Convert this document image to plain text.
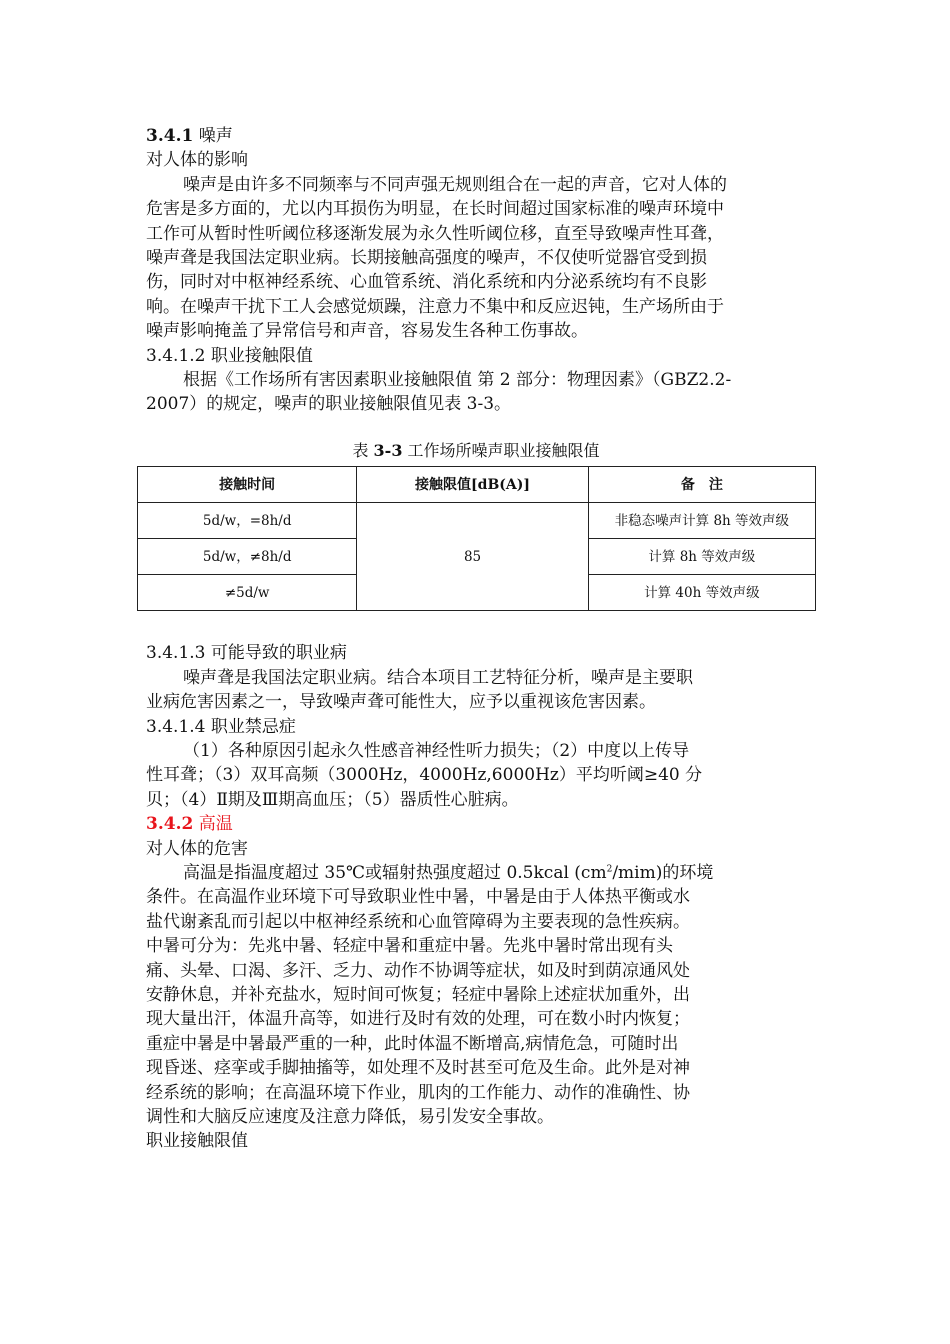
3.4.1 噪声
对人体的影响
噪声是由许多不同频率与不同声强无规则组合在一起的声音，它对人体的
危害是多方面的，尤以内耳损伤为明显，在长时间超过国家标准的噪声环境中
工作可从暂时性听阈位移逐渐发展为永久性听阈位移，直至导致噪声性耳聋，
噪声聋是我国法定职业病。长期接触高强度的噪声，不仅使听觉器官受到损
伤，同时对中枢神经系统、心血管系统、消化系统和内分泌系统均有不良影
响。在噪声干扰下工人会感觉烦躁，注意力不集中和反应迟钝，生产场所由于
噪声影响掩盖了异常信号和声音，容易发生各种工伤事故。
3.4.1.2 职业接触限值
根据《工作场所有害因素职业接触限值 第 2 部分：物理因素》（GBZ2.2-
2007）的规定，噪声的职业接触限值见表 3-3。
表 3-3 工作场所噪声职业接触限值
接触时间	接触限值[dB(A)]	备　注
5d/w，=8h/d	85	非稳态噪声计算 8h 等效声级
5d/w，≠8h/d		计算 8h 等效声级
≠5d/w		计算 40h 等效声级
3.4.1.3 可能导致的职业病
噪声聋是我国法定职业病。结合本项目工艺特征分析，噪声是主要职
业病危害因素之一，导致噪声聋可能性大，应予以重视该危害因素。
3.4.1.4 职业禁忌症
（1）各种原因引起永久性感音神经性听力损失；（2）中度以上传导
性耳聋；（3）双耳高频（3000Hz，4000Hz,6000Hz）平均听阈≥40 分
贝；（4）Ⅱ期及Ⅲ期高血压；（5）器质性心脏病。
3.4.2 高温
对人体的危害
高温是指温度超过 35℃或辐射热强度超过 0.5kcal $(cm^2/mim)$的环境
条件。在高温作业环境下可导致职业性中暑，中暑是由于人体热平衡或水
盐代谢紊乱而引起以中枢神经系统和心血管障碍为主要表现的急性疾病。
中暑可分为：先兆中暑、轻症中暑和重症中暑。先兆中暑时常出现有头
痛、头晕、口渴、多汗、乏力、动作不协调等症状，如及时到荫凉通风处
安静休息，并补充盐水，短时间可恢复；轻症中暑除上述症状加重外，出
现大量出汗，体温升高等，如进行及时有效的处理，可在数小时内恢复；
重症中暑是中暑最严重的一种，此时体温不断增高,病情危急，可随时出
现昏迷、痉挛或手脚抽搐等，如处理不及时甚至可危及生命。此外是对神
经系统的影响；在高温环境下作业，肌肉的工作能力、动作的准确性、协
调性和大脑反应速度及注意力降低，易引发安全事故。
职业接触限值
